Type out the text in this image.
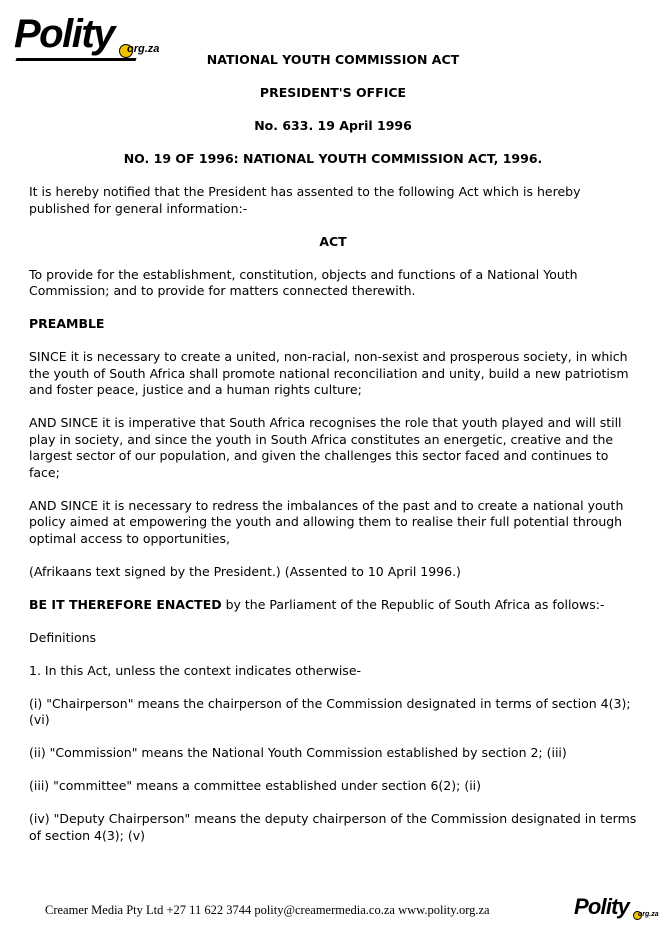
Polity org.za

NATIONAL YOUTH COMMISSION ACT

PRESIDENT'S OFFICE

No. 633. 19 April 1996

NO. 19 OF 1996: NATIONAL YOUTH COMMISSION ACT, 1996.

It is hereby notified that the President has assented to the following Act which is hereby published for general information:-

ACT

To provide for the establishment, constitution, objects and functions of a National Youth Commission; and to provide for matters connected therewith.

PREAMBLE

SINCE it is necessary to create a united, non-racial, non-sexist and prosperous society, in which the youth of South Africa shall promote national reconciliation and unity, build a new patriotism and foster peace, justice and a human rights culture;

AND SINCE it is imperative that South Africa recognises the role that youth played and will still play in society, and since the youth in South Africa constitutes an energetic, creative and the largest sector of our population, and given the challenges this sector faced and continues to face;

AND SINCE it is necessary to redress the imbalances of the past and to create a national youth policy aimed at empowering the youth and allowing them to realise their full potential through optimal access to opportunities,

(Afrikaans text signed by the President.) (Assented to 10 April 1996.)

BE IT THEREFORE ENACTED by the Parliament of the Republic of South Africa as follows:-

Definitions

1. In this Act, unless the context indicates otherwise-

(i) "Chairperson" means the chairperson of the Commission designated in terms of section 4(3); (vi)

(ii) "Commission" means the National Youth Commission established by section 2; (iii)

(iii) "committee" means a committee established under section 6(2); (ii)

(iv) "Deputy Chairperson" means the deputy chairperson of the Commission designated in terms of section 4(3); (v)

Creamer Media Pty Ltd +27 11 622 3744 polity@creamermedia.co.za www.polity.org.za	Polity org.za
